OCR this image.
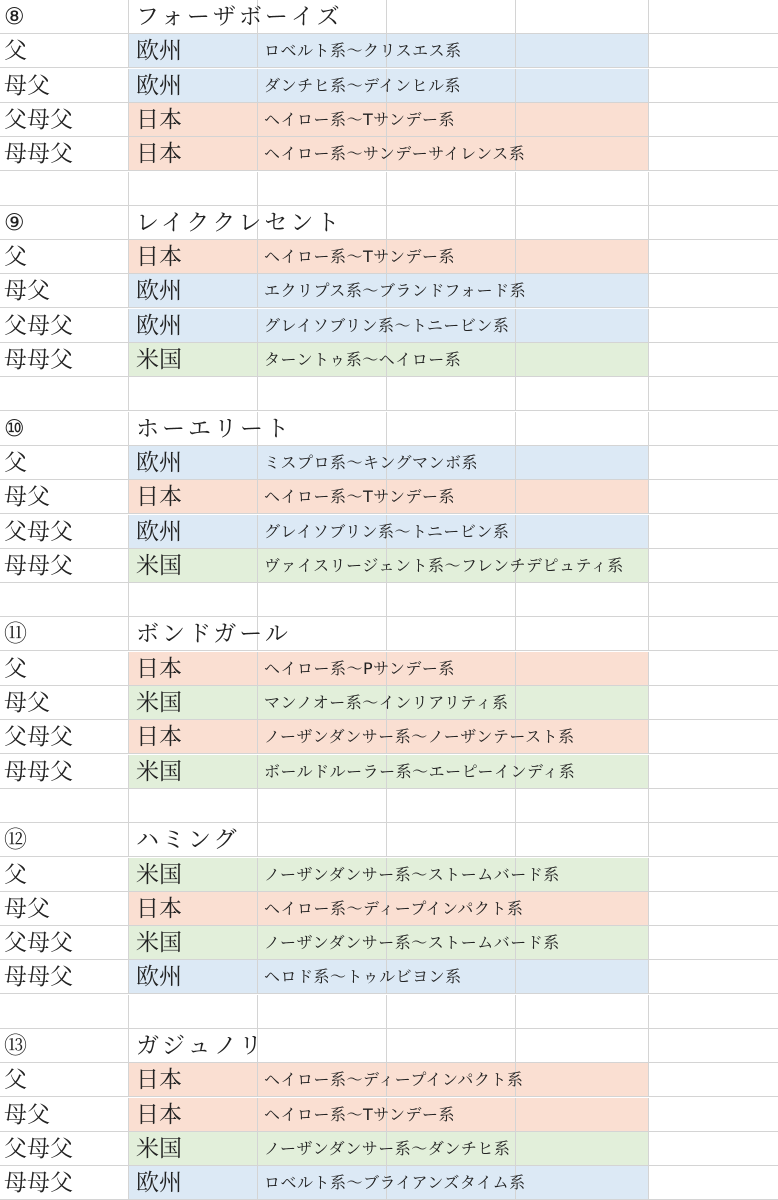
⑧	フォーザボーイズ
父	欧州	ロベルト系〜クリスエス系
母父	欧州	ダンチヒ系〜デインヒル系
父母父	日本	ヘイロー系〜Tサンデー系
母母父	日本	ヘイロー系〜サンデーサイレンス系
⑨	レイククレセント
父	日本	ヘイロー系〜Tサンデー系
母父	欧州	エクリプス系〜ブランドフォード系
父母父	欧州	グレイソブリン系〜トニービン系
母母父	米国	ターントゥ系〜ヘイロー系
⑩	ホーエリート
父	欧州	ミスプロ系〜キングマンボ系
母父	日本	ヘイロー系〜Tサンデー系
父母父	欧州	グレイソブリン系〜トニービン系
母母父	米国	ヴァイスリージェント系〜フレンチデピュティ系
⑪	ボンドガール
父	日本	ヘイロー系〜Pサンデー系
母父	米国	マンノオー系〜インリアリティ系
父母父	日本	ノーザンダンサー系〜ノーザンテースト系
母母父	米国	ボールドルーラー系〜エーピーインディ系
⑫	ハミング
父	米国	ノーザンダンサー系〜ストームバード系
母父	日本	ヘイロー系〜ディープインパクト系
父母父	米国	ノーザンダンサー系〜ストームバード系
母母父	欧州	ヘロド系〜トゥルビヨン系
⑬	ガジュノリ
父	日本	ヘイロー系〜ディープインパクト系
母父	日本	ヘイロー系〜Tサンデー系
父母父	米国	ノーザンダンサー系〜ダンチヒ系
母母父	欧州	ロベルト系〜ブライアンズタイム系
